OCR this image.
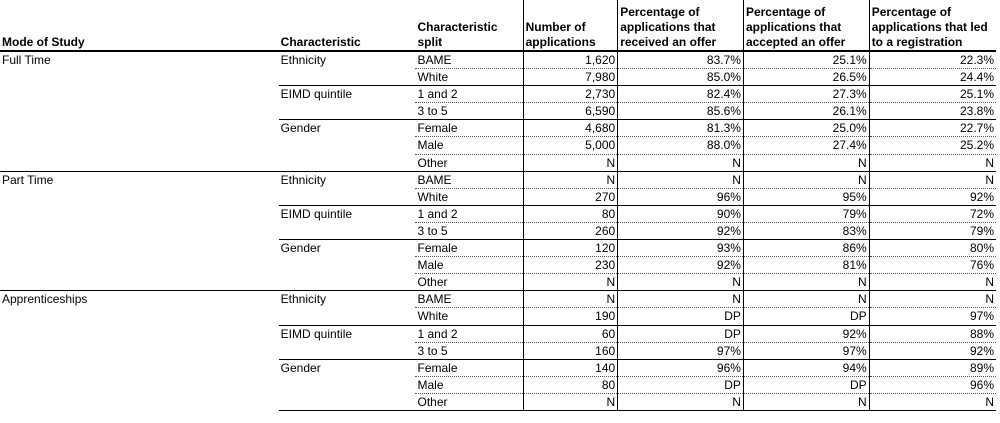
Mode of Study	Characteristic	Characteristic split	Number of applications	Percentage of applications that received an offer	Percentage of applications that accepted an offer	Percentage of applications that led to a registration
Full Time	Ethnicity	BAME	1,620	83.7%	25.1%	22.3%
		White	7,980	85.0%	26.5%	24.4%
	EIMD quintile	1 and 2	2,730	82.4%	27.3%	25.1%
		3 to 5	6,590	85.6%	26.1%	23.8%
	Gender	Female	4,680	81.3%	25.0%	22.7%
		Male	5,000	88.0%	27.4%	25.2%
		Other	N	N	N	N
Part Time	Ethnicity	BAME	N	N	N	N
		White	270	96%	95%	92%
	EIMD quintile	1 and 2	80	90%	79%	72%
		3 to 5	260	92%	83%	79%
	Gender	Female	120	93%	86%	80%
		Male	230	92%	81%	76%
		Other	N	N	N	N
Apprenticeships	Ethnicity	BAME	N	N	N	N
		White	190	DP	DP	97%
	EIMD quintile	1 and 2	60	DP	92%	88%
		3 to 5	160	97%	97%	92%
	Gender	Female	140	96%	94%	89%
		Male	80	DP	DP	96%
		Other	N	N	N	N
